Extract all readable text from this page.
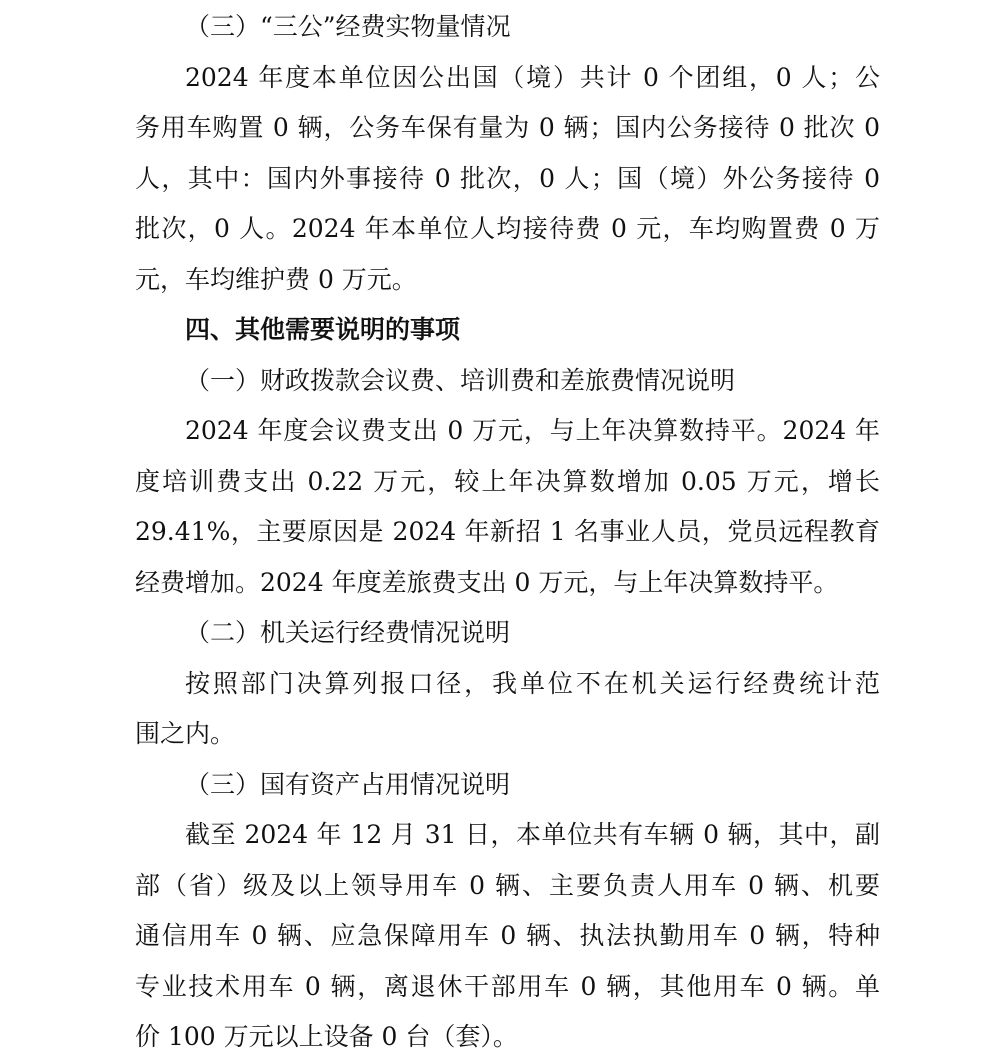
（三）“三公”经费实物量情况
2024 年度本单位因公出国（境）共计 0 个团组，0 人；公
务用车购置 0 辆，公务车保有量为 0 辆；国内公务接待 0 批次 0
人，其中：国内外事接待 0 批次，0 人；国（境）外公务接待 0
批次，0 人。2024 年本单位人均接待费 0 元，车均购置费 0 万
元，车均维护费 0 万元。
四、其他需要说明的事项
（一）财政拨款会议费、培训费和差旅费情况说明
2024 年度会议费支出 0 万元，与上年决算数持平。2024 年
度培训费支出 0.22 万元，较上年决算数增加 0.05 万元，增长
29.41%，主要原因是 2024 年新招 1 名事业人员，党员远程教育
经费增加。2024 年度差旅费支出 0 万元，与上年决算数持平。
（二）机关运行经费情况说明
按照部门决算列报口径，我单位不在机关运行经费统计范
围之内。
（三）国有资产占用情况说明
截至 2024 年 12 月 31 日，本单位共有车辆 0 辆，其中，副
部（省）级及以上领导用车 0 辆、主要负责人用车 0 辆、机要
通信用车 0 辆、应急保障用车 0 辆、执法执勤用车 0 辆，特种
专业技术用车 0 辆，离退休干部用车 0 辆，其他用车 0 辆。单
价 100 万元以上设备 0 台（套）。
